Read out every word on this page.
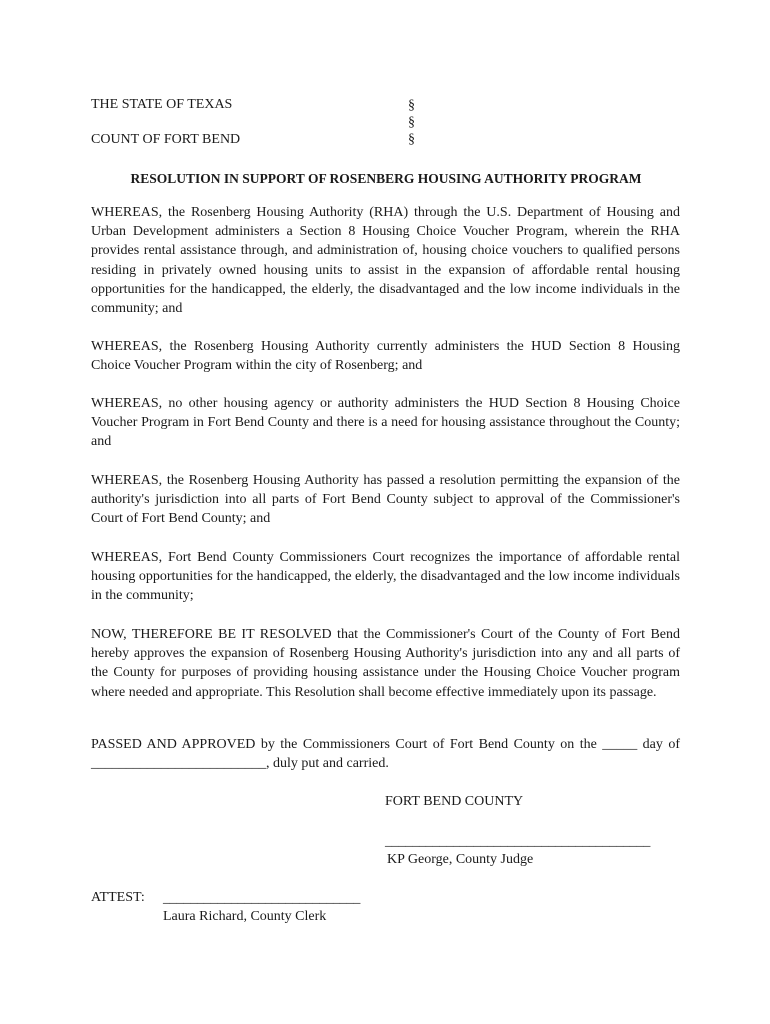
THE STATE OF TEXAS
COUNT OF FORT BEND
§
§
§
RESOLUTION IN SUPPORT OF ROSENBERG HOUSING AUTHORITY PROGRAM

WHEREAS, the Rosenberg Housing Authority (RHA) through the U.S. Department of Housing and Urban Development administers a Section 8 Housing Choice Voucher Program, wherein the RHA provides rental assistance through, and administration of, housing choice vouchers to qualified persons residing in privately owned housing units to assist in the expansion of affordable rental housing opportunities for the handicapped, the elderly, the disadvantaged and the low income individuals in the community; and

WHEREAS, the Rosenberg Housing Authority currently administers the HUD Section 8 Housing Choice Voucher Program within the city of Rosenberg; and

WHEREAS, no other housing agency or authority administers the HUD Section 8 Housing Choice Voucher Program in Fort Bend County and there is a need for housing assistance throughout the County; and

WHEREAS, the Rosenberg Housing Authority has passed a resolution permitting the expansion of the authority's jurisdiction into all parts of Fort Bend County subject to approval of the Commissioner's Court of Fort Bend County; and

WHEREAS, Fort Bend County Commissioners Court recognizes the importance of affordable rental housing opportunities for the handicapped, the elderly, the disadvantaged and the low income individuals in the community;

NOW, THEREFORE BE IT RESOLVED that the Commissioner's Court of the County of Fort Bend hereby approves the expansion of Rosenberg Housing Authority's jurisdiction into any and all parts of the County for purposes of providing housing assistance under the Housing Choice Voucher program where needed and appropriate. This Resolution shall become effective immediately upon its passage.

PASSED AND APPROVED by the Commissioners Court of Fort Bend County on the _____ day of _________________________, duly put and carried.

FORT BEND COUNTY
_______________________________________
KP George, County Judge
ATTEST: _____________________________
Laura Richard, County Clerk
